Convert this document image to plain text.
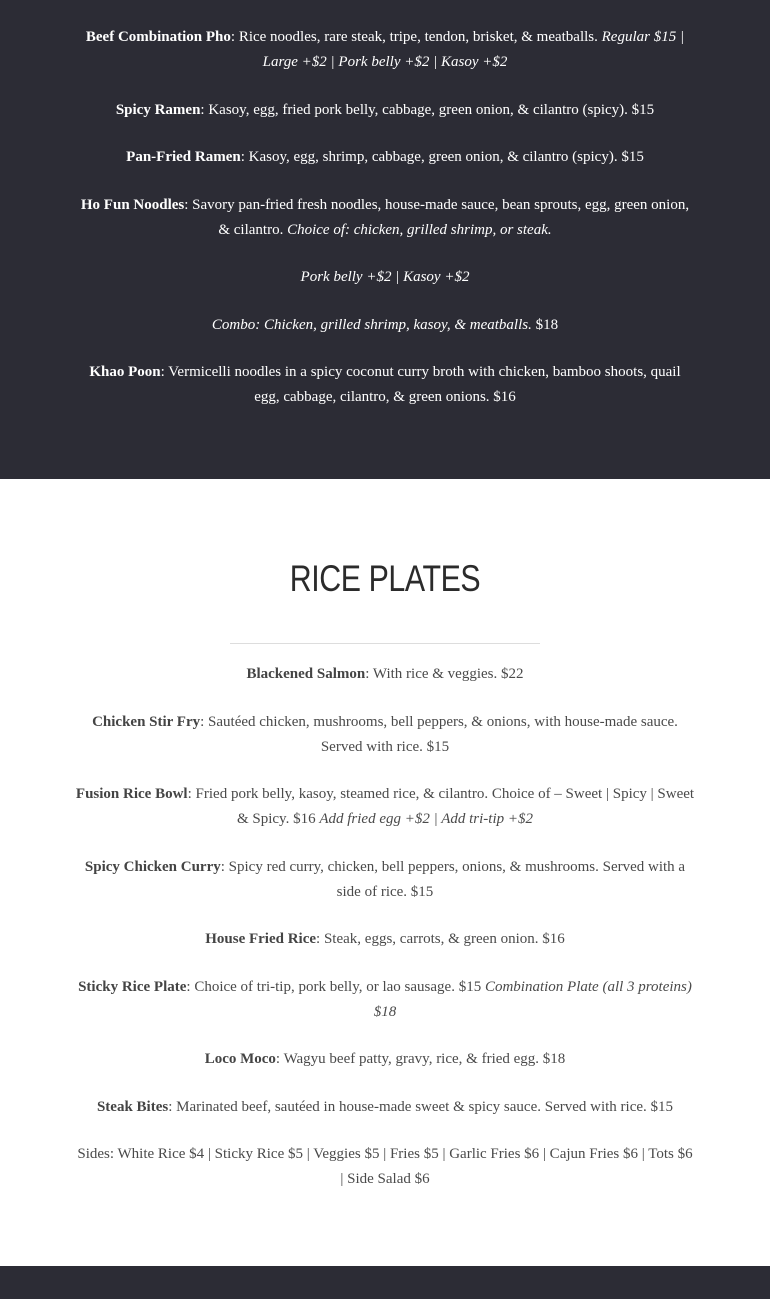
Beef Combination Pho: Rice noodles, rare steak, tripe, tendon, brisket, & meatballs. Regular $15 | Large +$2 | Pork belly +$2 | Kasoy +$2

Spicy Ramen: Kasoy, egg, fried pork belly, cabbage, green onion, & cilantro (spicy). $15

Pan-Fried Ramen: Kasoy, egg, shrimp, cabbage, green onion, & cilantro (spicy). $15

Ho Fun Noodles: Savory pan-fried fresh noodles, house-made sauce, bean sprouts, egg, green onion, & cilantro. Choice of: chicken, grilled shrimp, or steak.

Pork belly +$2 | Kasoy +$2

Combo: Chicken, grilled shrimp, kasoy, & meatballs. $18

Khao Poon: Vermicelli noodles in a spicy coconut curry broth with chicken, bamboo shoots, quail egg, cabbage, cilantro, & green onions. $16

RICE PLATES

Blackened Salmon: With rice & veggies. $22

Chicken Stir Fry: Sautéed chicken, mushrooms, bell peppers, & onions, with house-made sauce. Served with rice. $15

Fusion Rice Bowl: Fried pork belly, kasoy, steamed rice, & cilantro. Choice of – Sweet | Spicy | Sweet & Spicy. $16 Add fried egg +$2 | Add tri-tip +$2

Spicy Chicken Curry: Spicy red curry, chicken, bell peppers, onions, & mushrooms. Served with a side of rice. $15

House Fried Rice: Steak, eggs, carrots, & green onion. $16

Sticky Rice Plate: Choice of tri-tip, pork belly, or lao sausage. $15 Combination Plate (all 3 proteins) $18

Loco Moco: Wagyu beef patty, gravy, rice, & fried egg. $18

Steak Bites: Marinated beef, sautéed in house-made sweet & spicy sauce. Served with rice. $15

Sides: White Rice $4 | Sticky Rice $5 | Veggies $5 | Fries $5 | Garlic Fries $6 | Cajun Fries $6 | Tots $6 | Side Salad $6
